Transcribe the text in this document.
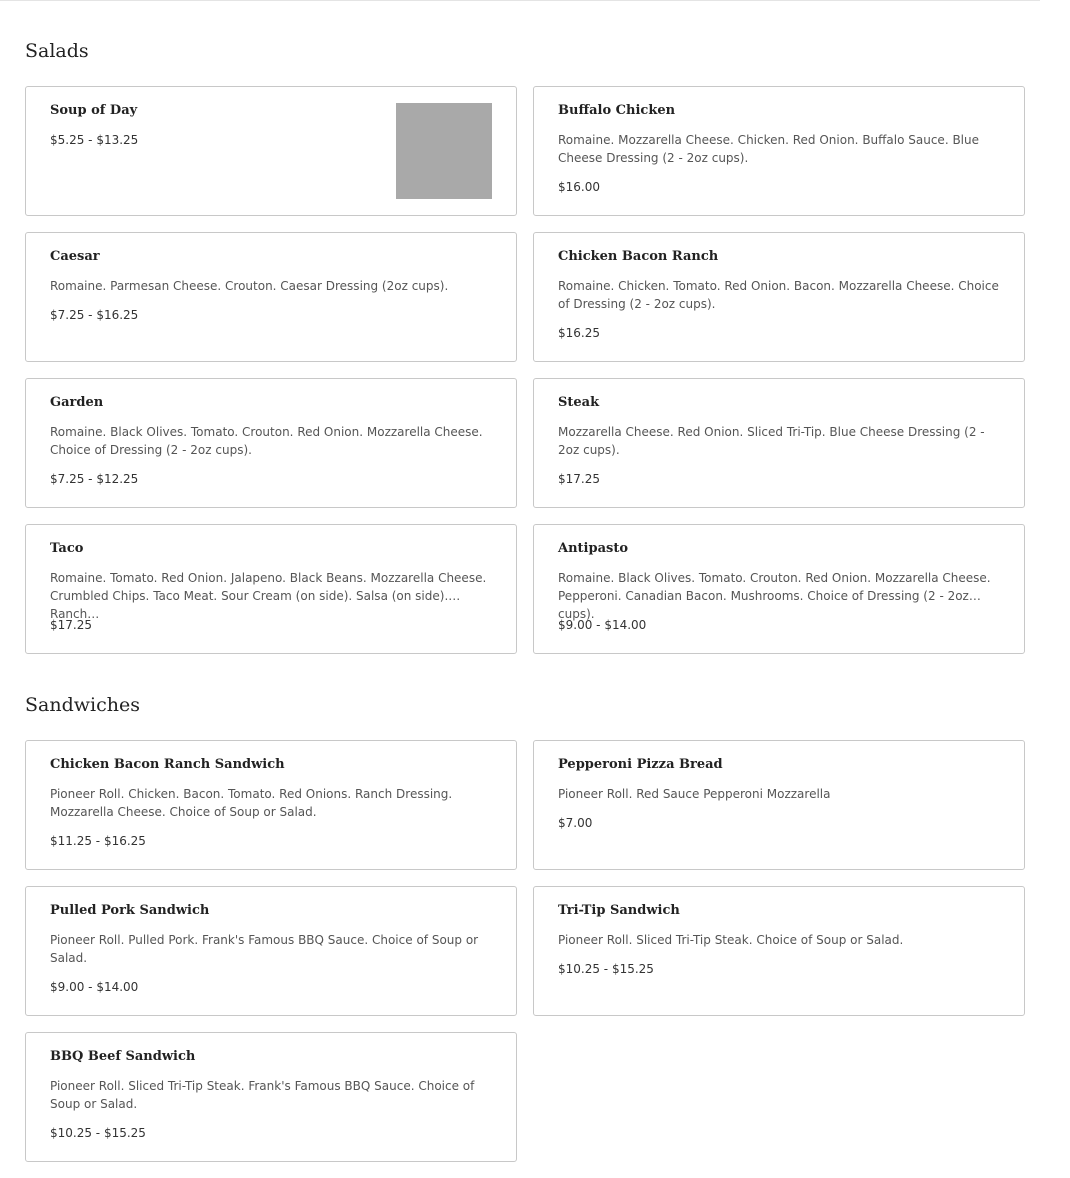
Salads
Soup of Day
$5.25 - $13.25
Buffalo Chicken
Romaine. Mozzarella Cheese. Chicken. Red Onion. Buffalo Sauce. Blue Cheese Dressing (2 - 2oz cups).
$16.00
Caesar
Romaine. Parmesan Cheese. Crouton. Caesar Dressing (2oz cups).
$7.25 - $16.25
Chicken Bacon Ranch
Romaine. Chicken. Tomato. Red Onion. Bacon. Mozzarella Cheese. Choice of Dressing (2 - 2oz cups).
$16.25
Garden
Romaine. Black Olives. Tomato. Crouton. Red Onion. Mozzarella Cheese. Choice of Dressing (2 - 2oz cups).
$7.25 - $12.25
Steak
Mozzarella Cheese. Red Onion. Sliced Tri-Tip. Blue Cheese Dressing (2 - 2oz cups).
$17.25
Taco
Romaine. Tomato. Red Onion. Jalapeno. Black Beans. Mozzarella Cheese. Crumbled Chips. Taco Meat. Sour Cream (on side). Salsa (on side). Ranch…
$17.25
Antipasto
Romaine. Black Olives. Tomato. Crouton. Red Onion. Mozzarella Cheese. Pepperoni. Canadian Bacon. Mushrooms. Choice of Dressing (2 - 2oz cups).
$9.00 - $14.00
Sandwiches
Chicken Bacon Ranch Sandwich
Pioneer Roll. Chicken. Bacon. Tomato. Red Onions. Ranch Dressing. Mozzarella Cheese. Choice of Soup or Salad.
$11.25 - $16.25
Pepperoni Pizza Bread
Pioneer Roll. Red Sauce Pepperoni Mozzarella
$7.00
Pulled Pork Sandwich
Pioneer Roll. Pulled Pork. Frank's Famous BBQ Sauce. Choice of Soup or Salad.
$9.00 - $14.00
Tri-Tip Sandwich
Pioneer Roll. Sliced Tri-Tip Steak. Choice of Soup or Salad.
$10.25 - $15.25
BBQ Beef Sandwich
Pioneer Roll. Sliced Tri-Tip Steak. Frank's Famous BBQ Sauce. Choice of Soup or Salad.
$10.25 - $15.25
